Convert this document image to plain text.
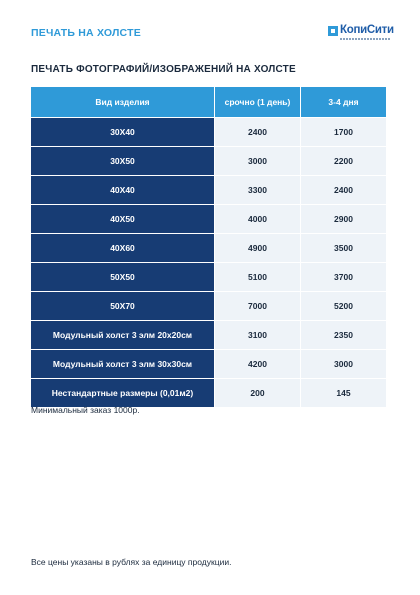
ПЕЧАТЬ НА ХОЛСТЕ	КопиСити
ПЕЧАТЬ ФОТОГРАФИЙ/ИЗОБРАЖЕНИЙ НА ХОЛСТЕ
Вид изделия	срочно (1 день)	3-4 дня
30Х40	2400	1700
30Х50	3000	2200
40Х40	3300	2400
40Х50	4000	2900
40Х60	4900	3500
50Х50	5100	3700
50Х70	7000	5200
Модульный холст 3 элм 20х20см	3100	2350
Модульный холст 3 элм 30х30см	4200	3000
Нестандартные размеры (0,01м2)	200	145
Минимальный заказ 1000р.
Все цены указаны в рублях за единицу продукции.
